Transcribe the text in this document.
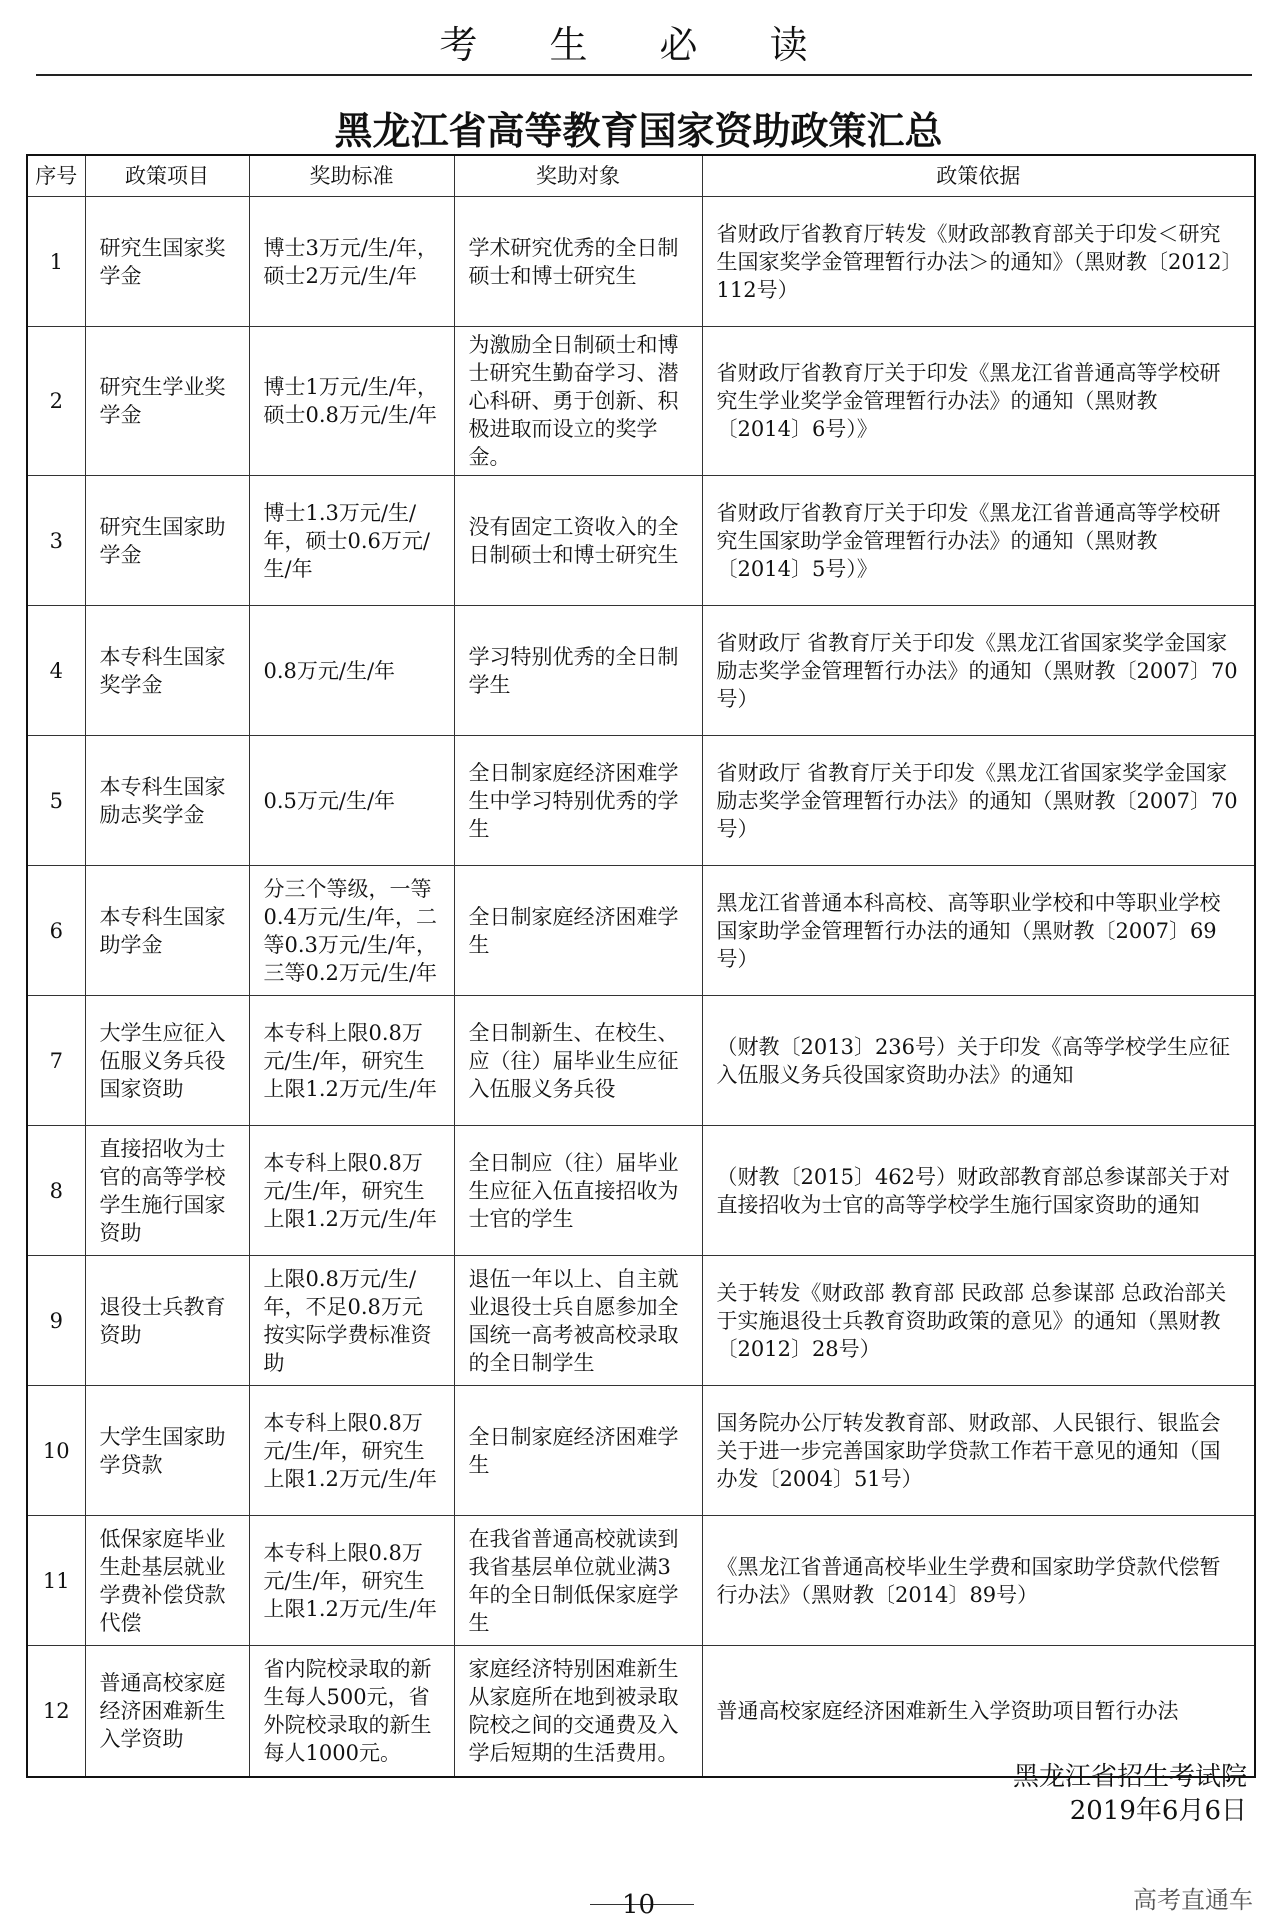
考 生 必 读
黑龙江省高等教育国家资助政策汇总
序号	政策项目	奖助标准	奖助对象	政策依据
1	研究生国家奖学金	博士3万元/生/年，硕士2万元/生/年	学术研究优秀的全日制硕士和博士研究生	省财政厅省教育厅转发《财政部教育部关于印发＜研究生国家奖学金管理暂行办法＞的通知》（黑财教〔2012〕112号）
2	研究生学业奖学金	博士1万元/生/年，硕士0.8万元/生/年	为激励全日制硕士和博士研究生勤奋学习、潜心科研、勇于创新、积极进取而设立的奖学金。	省财政厅省教育厅关于印发《黑龙江省普通高等学校研究生学业奖学金管理暂行办法》的通知（黑财教〔2014〕6号）》
3	研究生国家助学金	博士1.3万元/生/年，硕士0.6万元/生/年	没有固定工资收入的全日制硕士和博士研究生	省财政厅省教育厅关于印发《黑龙江省普通高等学校研究生国家助学金管理暂行办法》的通知（黑财教〔2014〕5号）》
4	本专科生国家奖学金	0.8万元/生/年	学习特别优秀的全日制学生	省财政厅 省教育厅关于印发《黑龙江省国家奖学金国家励志奖学金管理暂行办法》的通知（黑财教〔2007〕70号）
5	本专科生国家励志奖学金	0.5万元/生/年	全日制家庭经济困难学生中学习特别优秀的学生	省财政厅 省教育厅关于印发《黑龙江省国家奖学金国家励志奖学金管理暂行办法》的通知（黑财教〔2007〕70号）
6	本专科生国家助学金	分三个等级，一等0.4万元/生/年，二等0.3万元/生/年，三等0.2万元/生/年	全日制家庭经济困难学生	黑龙江省普通本科高校、高等职业学校和中等职业学校国家助学金管理暂行办法的通知（黑财教〔2007〕69号）
7	大学生应征入伍服义务兵役国家资助	本专科上限0.8万元/生/年，研究生上限1.2万元/生/年	全日制新生、在校生、应（往）届毕业生应征入伍服义务兵役	（财教〔2013〕236号）关于印发《高等学校学生应征入伍服义务兵役国家资助办法》的通知
8	直接招收为士官的高等学校学生施行国家资助	本专科上限0.8万元/生/年，研究生上限1.2万元/生/年	全日制应（往）届毕业生应征入伍直接招收为士官的学生	（财教〔2015〕462号）财政部教育部总参谋部关于对直接招收为士官的高等学校学生施行国家资助的通知
9	退役士兵教育资助	上限0.8万元/生/年，不足0.8万元按实际学费标准资助	退伍一年以上、自主就业退役士兵自愿参加全国统一高考被高校录取的全日制学生	关于转发《财政部 教育部 民政部 总参谋部 总政治部关于实施退役士兵教育资助政策的意见》的通知（黑财教〔2012〕28号）
10	大学生国家助学贷款	本专科上限0.8万元/生/年，研究生上限1.2万元/生/年	全日制家庭经济困难学生	国务院办公厅转发教育部、财政部、人民银行、银监会关于进一步完善国家助学贷款工作若干意见的通知（国办发〔2004〕51号）
11	低保家庭毕业生赴基层就业学费补偿贷款代偿	本专科上限0.8万元/生/年，研究生上限1.2万元/生/年	在我省普通高校就读到我省基层单位就业满3年的全日制低保家庭学生	《黑龙江省普通高校毕业生学费和国家助学贷款代偿暂行办法》（黑财教〔2014〕89号）
12	普通高校家庭经济困难新生入学资助	省内院校录取的新生每人500元，省外院校录取的新生每人1000元。	家庭经济特别困难新生从家庭所在地到被录取院校之间的交通费及入学后短期的生活费用。	普通高校家庭经济困难新生入学资助项目暂行办法
黑龙江省招生考试院
2019年6月6日
10	高考直通车
